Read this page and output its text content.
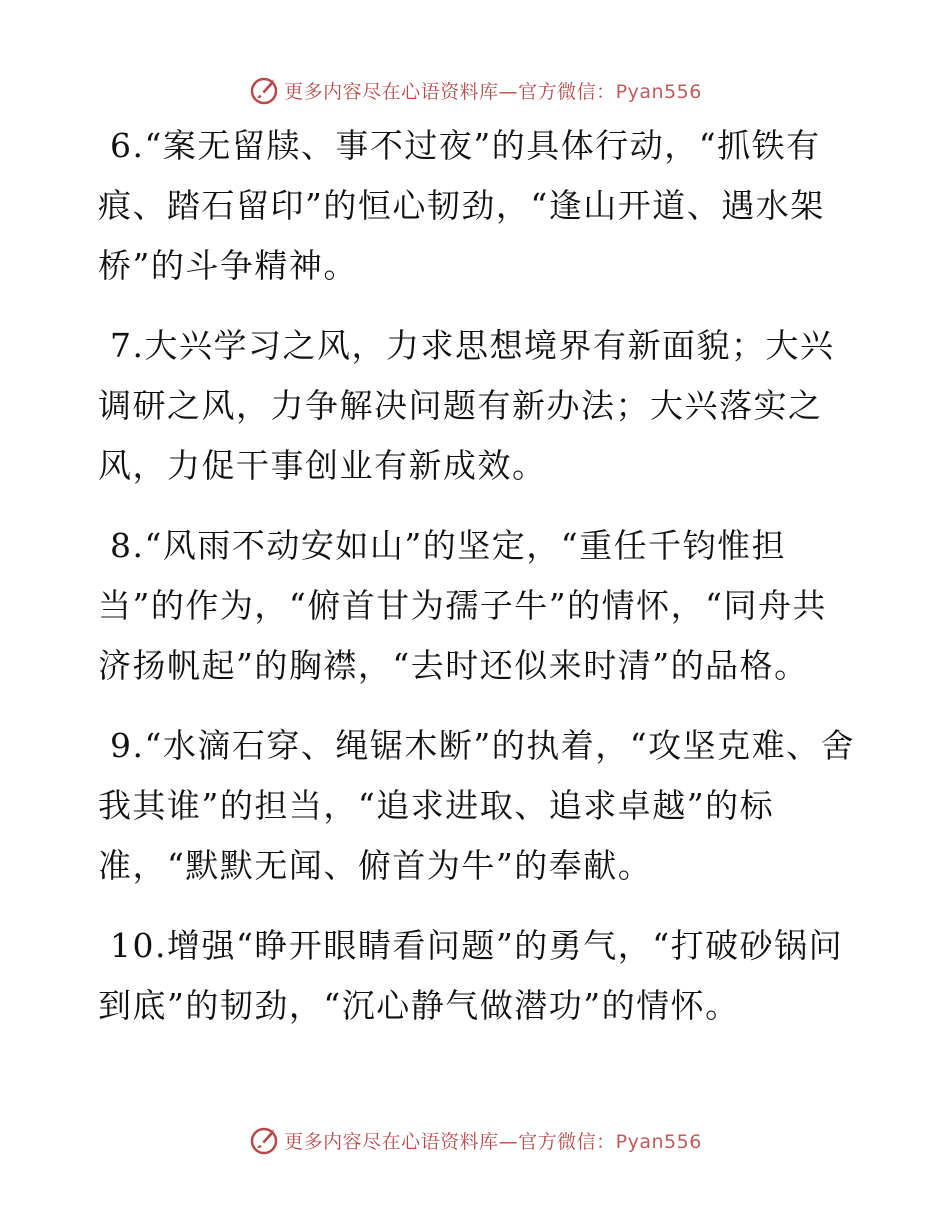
更多内容尽在心语资料库—官方微信：Pyan556

6.“案无留牍、事不过夜”的具体行动，“抓铁有痕、踏石留印”的恒心韧劲，“逢山开道、遇水架桥”的斗争精神。

7.大兴学习之风，力求思想境界有新面貌；大兴调研之风，力争解决问题有新办法；大兴落实之风，力促干事创业有新成效。

8.“风雨不动安如山”的坚定，“重任千钧惟担当”的作为，“俯首甘为孺子牛”的情怀，“同舟共济扬帆起”的胸襟，“去时还似来时清”的品格。

9.“水滴石穿、绳锯木断”的执着，“攻坚克难、舍我其谁”的担当，“追求进取、追求卓越”的标准，“默默无闻、俯首为牛”的奉献。

10.增强“睁开眼睛看问题”的勇气，“打破砂锅问到底”的韧劲，“沉心静气做潜功”的情怀。

更多内容尽在心语资料库—官方微信：Pyan556
